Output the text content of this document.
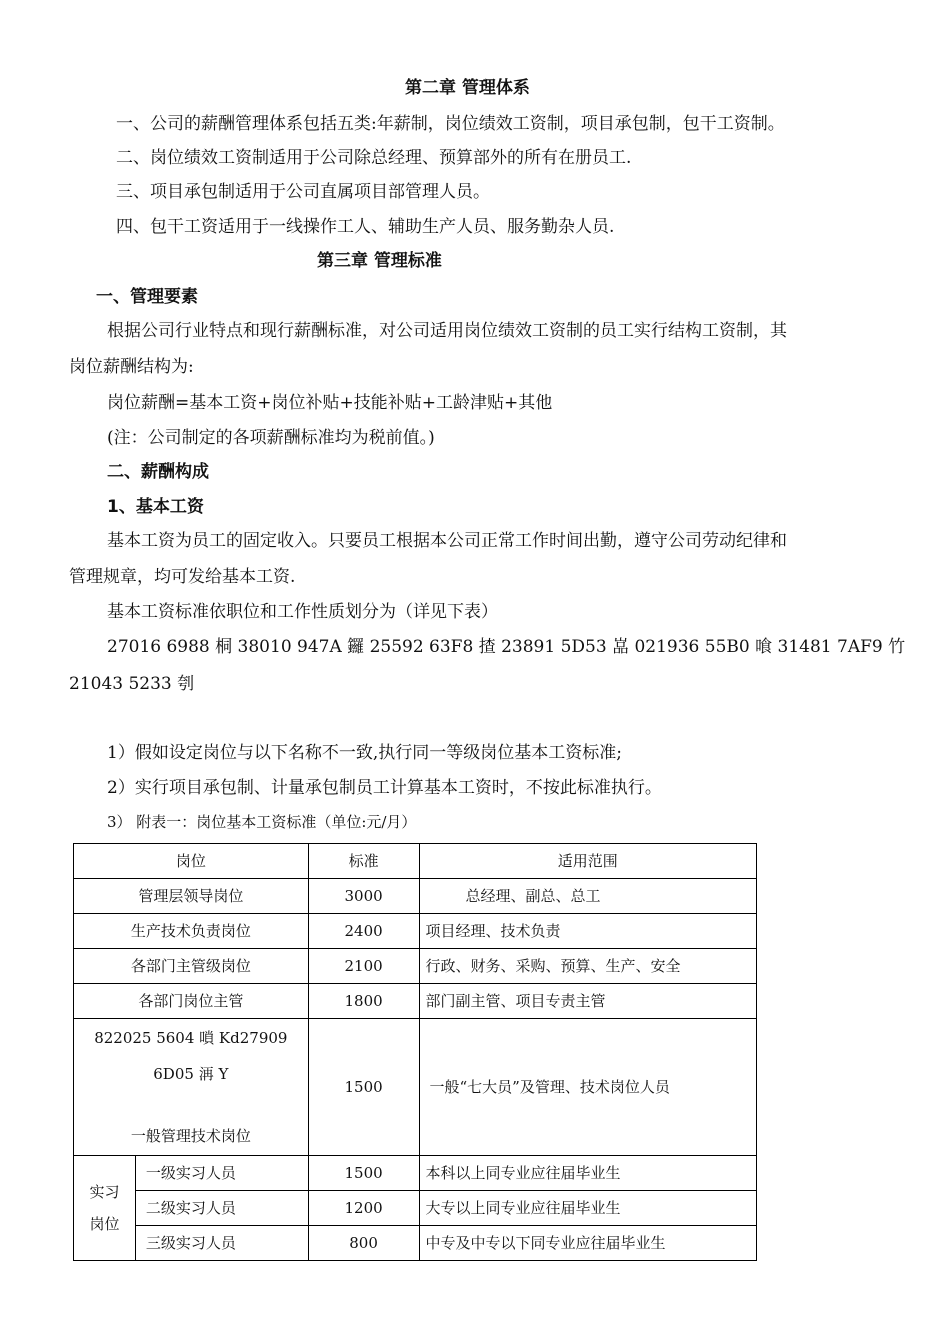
第二章 管理体系
一、公司的薪酬管理体系包括五类:年薪制，岗位绩效工资制，项目承包制，包干工资制。
二、岗位绩效工资制适用于公司除总经理、预算部外的所有在册员工.
三、项目承包制适用于公司直属项目部管理人员。
四、包干工资适用于一线操作工人、辅助生产人员、服务勤杂人员.
第三章 管理标准
一、管理要素
根据公司行业特点和现行薪酬标准，对公司适用岗位绩效工资制的员工实行结构工资制，其
岗位薪酬结构为:
岗位薪酬=基本工资+岗位补贴+技能补贴+工龄津贴+其他
(注：公司制定的各项薪酬标准均为税前值。)
二、薪酬构成
1、基本工资
基本工资为员工的固定收入。只要员工根据本公司正常工作时间出勤，遵守公司劳动纪律和
管理规章，均可发给基本工资.
基本工资标准依职位和工作性质划分为（详见下表）
27016 6988 桐 38010 947A 鑼 25592 63F8 揸 23891 5D53 嵓 021936 55B0 喰 31481 7AF9 竹
21043 5233 刳
1）假如设定岗位与以下名称不一致,执行同一等级岗位基本工资标准;
2）实行项目承包制、计量承包制员工计算基本工资时，不按此标准执行。
3） 附表一：岗位基本工资标准（单位:元/月）
岗位		标准	适用范围
管理层领导岗位		3000	总经理、副总、总工
生产技术负责岗位		2400	项目经理、技术负责
各部门主管级岗位		2100	行政、财务、采购、预算、生产、安全
各部门岗位主管		1800	部门副主管、项目专责主管

822025 5604 嗩 Kd27909
6D05 洅 Y
一般管理技术岗位		1500	一般“七大员”及管理、技术岗位人员

实习
岗位	一级实习人员	1500	本科以上同专业应往届毕业生
	二级实习人员	1200	大专以上同专业应往届毕业生
	三级实习人员	800	中专及中专以下同专业应往届毕业生
